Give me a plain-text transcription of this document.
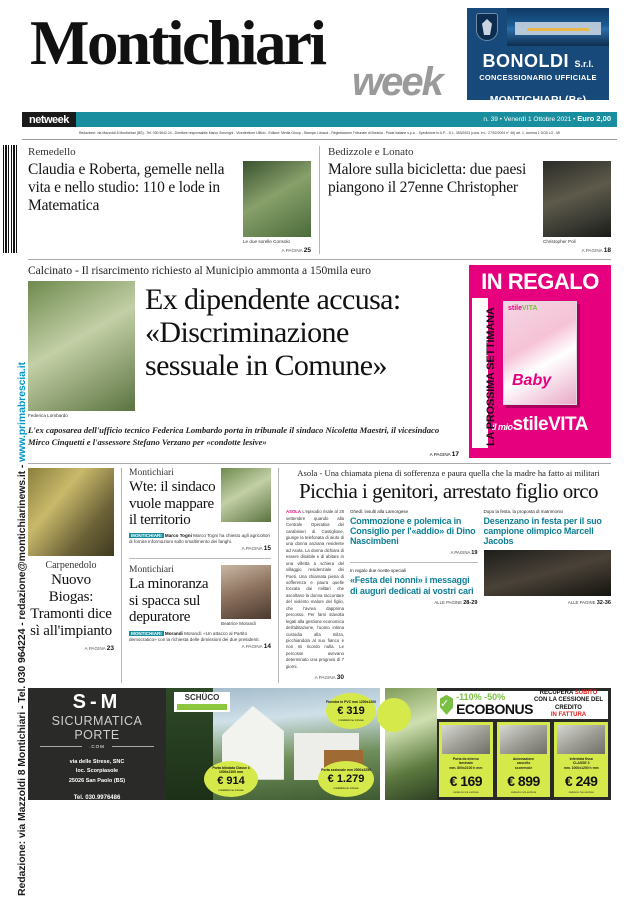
Redazione: via Mazzoldi 8 Montichiari - Tel. 030 964224 - redazione@montichiarinews.it - www.primabrescia.it
Montichiari
week	BONOLDI S.r.l.
CONCESSIONARIO UFFICIALE
MONTICHIARI (Bs)
netweek	n. 39 • Venerdì 1 Ottobre 2021 • Euro 2,00
Redazione: via Mazzoldi 8 Montichiari (BS) - Tel. 030.9642.24 - Direttore responsabile Marco Sonzogni - Vicedirettore Ufficio - Editore: Media Group - Stampa: Litosud - Registrazione Tribunale di Brescia - Poste Italiane s.p.a. - Spedizione in A.P. - D.L. 353/2003 (conv. in L. 27/02/2004 n° 46) art. 1, comma 1 DCB LO - MI
Remedello
Claudia e Roberta, gemelle nella vita e nello studio: 110 e lode in Matematica
Le due sorelle Consolo
A PAGINA 25
Bedizzole e Lonato
Malore sulla bicicletta: due paesi piangono il 27enne Christopher
Christopher Poli
A PAGINA 18
Calcinato - Il risarcimento richiesto al Municipio ammonta a 150mila euro
Federica Lombardo
Ex dipendente accusa:
«Discriminazione
sessuale in Comune»
L'ex caposarea dell'ufficio tecnico Federica Lombardo porta in tribunale il sindaco Nicoletta Maestri, il vicesindaco Mirco Cinquetti e l'assessore Stefano Verzano per «condotte lesive»
A PAGINA 17
IN REGALO
LA PROSSIMA SETTIMANA	stileVITA
Baby
il miostileVITA
Carpenedolo
Nuovo Biogas: Tramonti dice sì all'impianto
A PAGINA 23
Montichiari
Wte: il sindaco vuole mappare il territorio
MONTICHIARI Marco Togni Marco Togni ha chiesto agli agricoltori di fornire informazioni sullo smaltimento dei fanghi.
A PAGINA 15
Montichiari
La minoranza si spacca sul depuratore	Beatrice Morandi
MONTICHIARI Morandi Morandi: «Un attacco al Partito democratico» con la richiesta delle dimissioni dei due presidenti.
A PAGINA 14
Asola - Una chiamata piena di sofferenza e paura quella che la madre ha fatto ai militari
Picchia i genitori, arrestato figlio orco
ASOLA L'episodio risale al 28 settembre quando alla Centrale Operativa dei carabinieri di Castiglione, giunge la telefonata di aiuto di una donna anziana residente ad Asola. La donna dichiara di essere disabile e di abitare in una villetta a schiera del villaggio residenziale dei Poeti. Una chiamata piena di sofferenza e paura quelle toccata dai militari che ascoltano la donna raccontare del violento malore del figlio, che l'avrea dapprima percosso. Per farsi stavolta legati alla gestione economica dell'abitazione, l'uomo intima custodia alla milza, picchiandola al suo fianco e non mi ricordo nulla. Le percosse avevano determinato una prognosi di 7 giorni.
A PAGINA 30
Ghedi: insulti alla Lamorgese
Commozione e polemica in Consiglio per l'«addio» di Dino Nascimbeni
A PAGINA 19
In regalo due ricette speciali
«Festa dei nonni» i messaggi di auguri dedicati ai vostri cari
ALLE PAGINE 28-29
Dopo la festa, la proposta di matrimonio
Desenzano in festa per il suo campione olimpico Marcell Jacobs
ALLE PAGINE 32-36
S-M
SICURMATICA PORTE
.COM
via delle Strese, SNC
loc. Scorpiasole
25026 San Paolo (BS)
Tel. 030.9976486
info@sicurmatica.com
SCHÜCO	Finestra in PVC mm 1200x1200
€ 319
installazione inclusa
Porta blindata Classe 3 1000x2100 mm
€ 914
installazione inclusa
Porta sezionale mm 2500x2250
€ 1.279
installazione inclusa
✓
-110% -50%
ECOBONUS
RECUPERA SUBITO
CON LA CESSIONE DEL CREDITO
IN FATTURA
Porta da interno
laminato
mm. 800x2100 h mm
€ 169
cadauno iva esclusa
Automazione
cancello
scorrevole
€ 899
cadauno iva esclusa
Inferriata fissa
CLASSE 3
mm. 1000x1200 h mm
€ 249
cadauno iva esclusa
